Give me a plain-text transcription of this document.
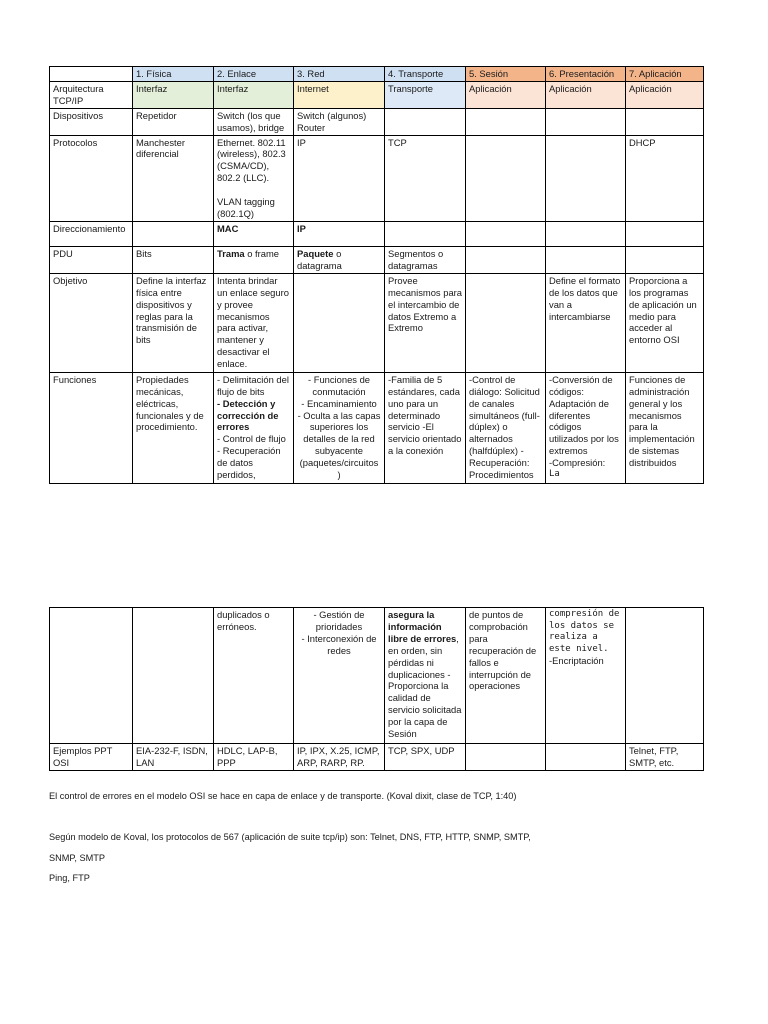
	1. Física	2. Enlace	3. Red	4. Transporte	5. Sesión	6. Presentación	7. Aplicación
Arquitectura TCP/IP	Interfaz	Interfaz	Internet	Transporte	Aplicación	Aplicación	Aplicación
Dispositivos	Repetidor	Switch (los que usamos), bridge	Switch (algunos) Router				
Protocolos	Manchester diferencial	Ethernet. 802.11 (wireless), 802.3 (CSMA/CD), 802.2 (LLC).
VLAN tagging (802.1Q)	IP	TCP			DHCP
Direccionamiento		MAC	IP				
PDU	Bits	Trama o frame	Paquete o datagrama	Segmentos o datagramas			
Objetivo	Define la interfaz física entre dispositivos y reglas para la transmisión de bits	Intenta brindar un enlace seguro y provee mecanismos para activar, mantener y desactivar el enlace.		Provee mecanismos para el intercambio de datos Extremo a Extremo		Define el formato de los datos que van a intercambiarse	Proporciona a los programas de aplicación un medio para acceder al entorno OSI
Funciones	Propiedades mecánicas, eléctricas, funcionales y de procedimiento.	- Delimitación del flujo de bits
- Detección y corrección de errores
- Control de flujo
- Recuperación de datos perdidos,	- Funciones de conmutación
- Encaminamiento
- Oculta a las capas superiores los detalles de la red subyacente (paquetes/circuitos )	-Familia de 5 estándares, cada uno para un determinado servicio -El servicio orientado a la conexión	-Control de diálogo: Solicitud de canales simultáneos (full-dúplex) o alternados (halfdúplex) -Recuperación: Procedimientos	-Conversión de códigos: Adaptación de diferentes códigos utilizados por los extremos
-Compresión:
La	Funciones de administración general y los mecanismos para la implementación de sistemas distribuidos
		duplicados o erróneos.	- Gestión de prioridades
- Interconexión de redes	asegura la información libre de errores, en orden, sin pérdidas ni duplicaciones -Proporciona la calidad de servicio solicitada por la capa de Sesión	de puntos de comprobación para recuperación de fallos e interrupción de operaciones	compresión de los datos se realiza a este nivel.
-Encriptación	

Ejemplos PPT OSI	EIA-232-F, ISDN, LAN	HDLC, LAP-B, PPP	IP, IPX, X.25, ICMP, ARP, RARP, RP.	TCP, SPX, UDP			Telnet, FTP, SMTP, etc.

El control de errores en el modelo OSI se hace en capa de enlace y de transporte. (Koval dixit, clase de TCP, 1:40)

Según modelo de Koval, los protocolos de 567 (aplicación de suite tcp/ip) son: Telnet, DNS, FTP, HTTP, SNMP, SMTP,

SNMP, SMTP

Ping, FTP
